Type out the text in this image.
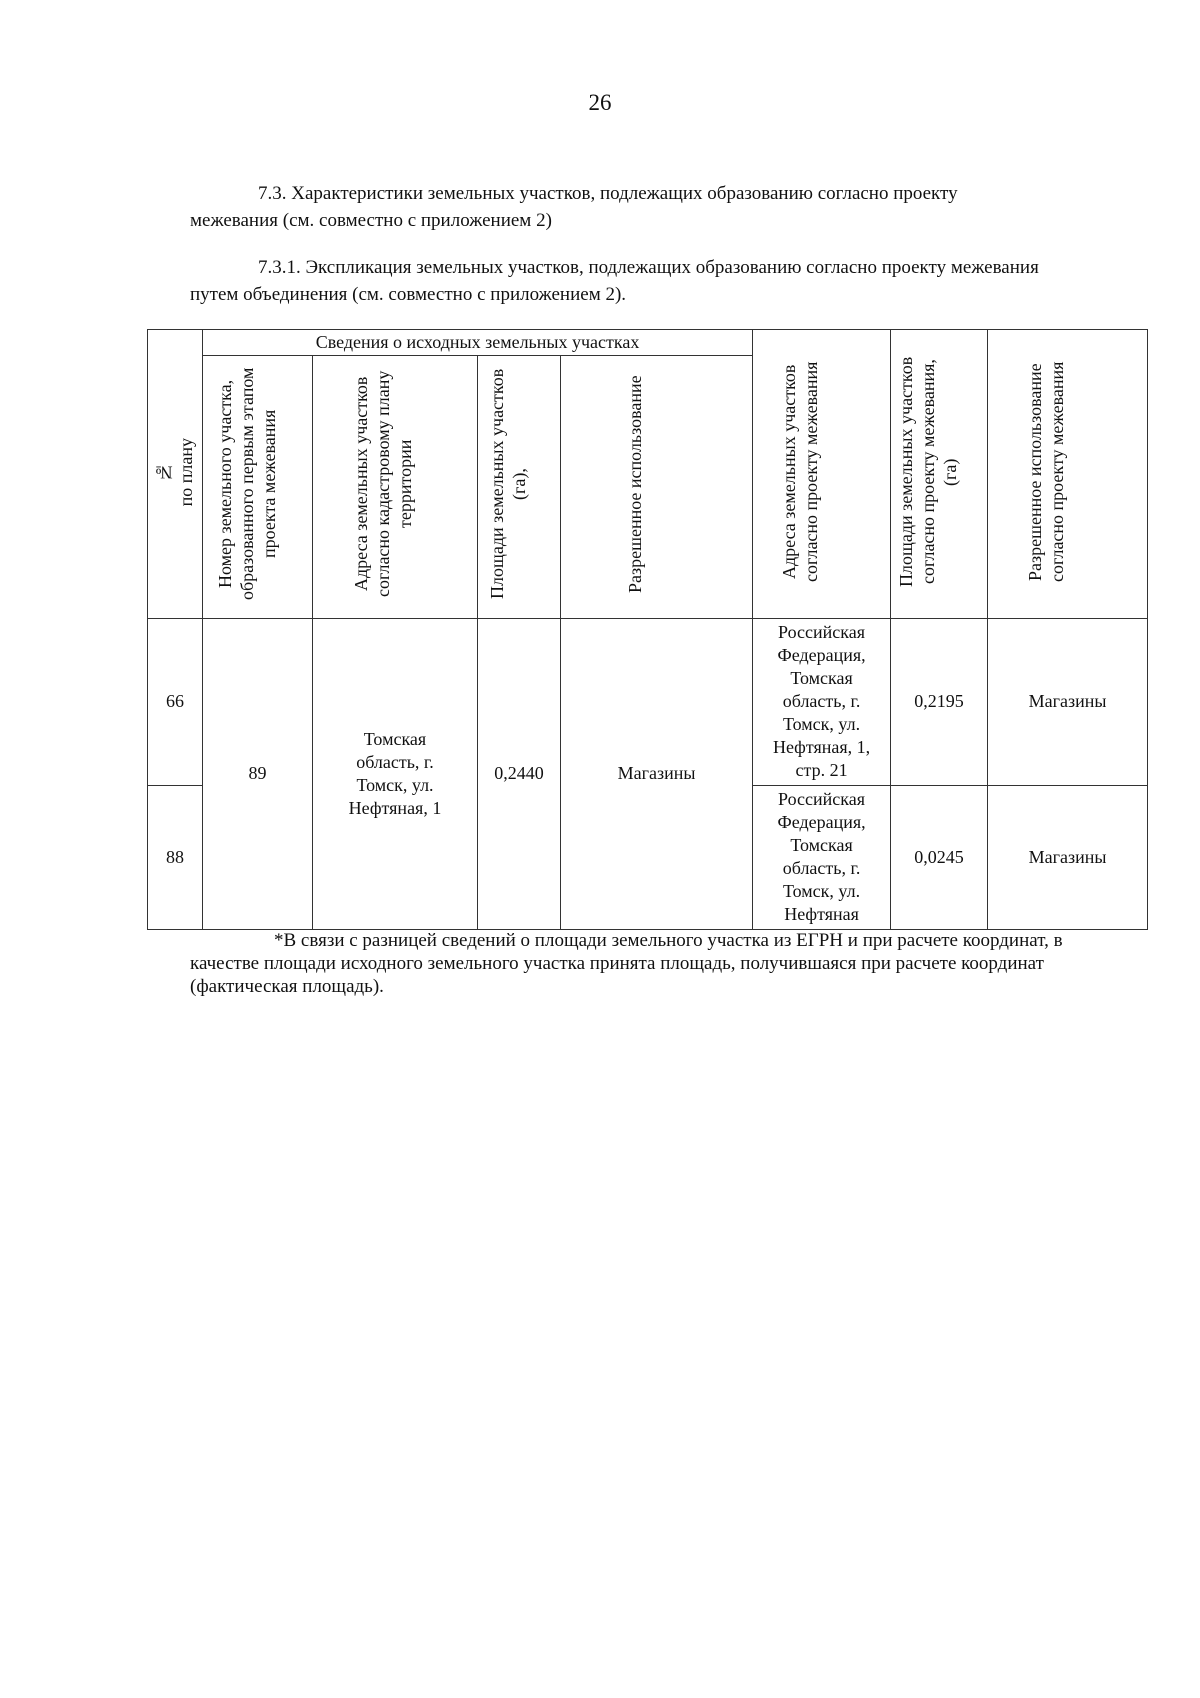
26
7.3. Характеристики земельных участков, подлежащих образованию согласно проекту межевания (см. совместно с приложением 2)
7.3.1. Экспликация земельных участков, подлежащих образованию согласно проекту межевания путем объединения (см. совместно с приложением 2).
№
по плану	Сведения о исходных земельных участках				Адреса земельных участков согласно проекту межевания	Площади земельных участков согласно проекту межевания, (га)	Разрешенное использование согласно проекту межевания
	Номер земельного участка, образованного первым этапом проекта межевания	Адреса земельных участков согласно кадастровому плану территории	Площади земельных участков (га),	Разрешенное использование			
66	89	Томская область, г. Томск, ул. Нефтяная, 1	0,2440	Магазины	Российская Федерация, Томская область, г. Томск, ул. Нефтяная, 1, стр. 21	0,2195	Магазины
88					Российская Федерация, Томская область, г. Томск, ул. Нефтяная	0,0245	Магазины
*В связи с разницей сведений о площади земельного участка из ЕГРН и при расчете координат, в качестве площади исходного земельного участка принята площадь, получившаяся при расчете координат (фактическая площадь).
